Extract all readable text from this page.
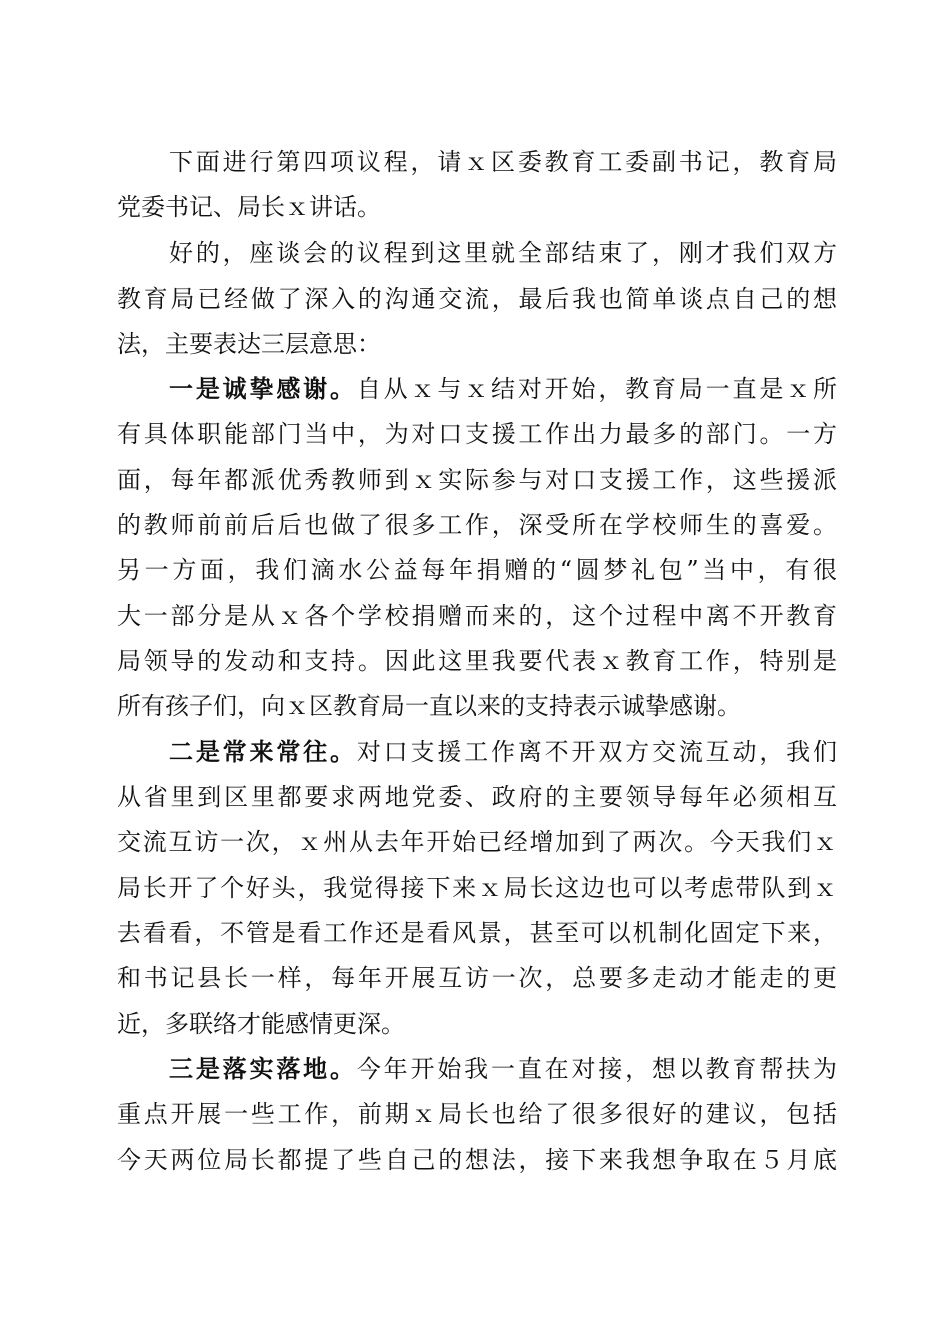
下面进行第四项议程，请ｘ区委教育工委副书记，教育局
党委书记、局长ｘ讲话。
好的，座谈会的议程到这里就全部结束了，刚才我们双方
教育局已经做了深入的沟通交流，最后我也简单谈点自己的想
法，主要表达三层意思：
一是诚挚感谢。自从ｘ与ｘ结对开始，教育局一直是ｘ所
有具体职能部门当中，为对口支援工作出力最多的部门。一方
面，每年都派优秀教师到ｘ实际参与对口支援工作，这些援派
的教师前前后后也做了很多工作，深受所在学校师生的喜爱。
另一方面，我们滴水公益每年捐赠的“圆梦礼包”当中，有很
大一部分是从ｘ各个学校捐赠而来的，这个过程中离不开教育
局领导的发动和支持。因此这里我要代表ｘ教育工作，特别是
所有孩子们，向ｘ区教育局一直以来的支持表示诚挚感谢。
二是常来常往。对口支援工作离不开双方交流互动，我们
从省里到区里都要求两地党委、政府的主要领导每年必须相互
交流互访一次，ｘ州从去年开始已经增加到了两次。今天我们ｘ
局长开了个好头，我觉得接下来ｘ局长这边也可以考虑带队到ｘ
去看看，不管是看工作还是看风景，甚至可以机制化固定下来，
和书记县长一样，每年开展互访一次，总要多走动才能走的更
近，多联络才能感情更深。
三是落实落地。今年开始我一直在对接，想以教育帮扶为
重点开展一些工作，前期ｘ局长也给了很多很好的建议，包括
今天两位局长都提了些自己的想法，接下来我想争取在５月底
